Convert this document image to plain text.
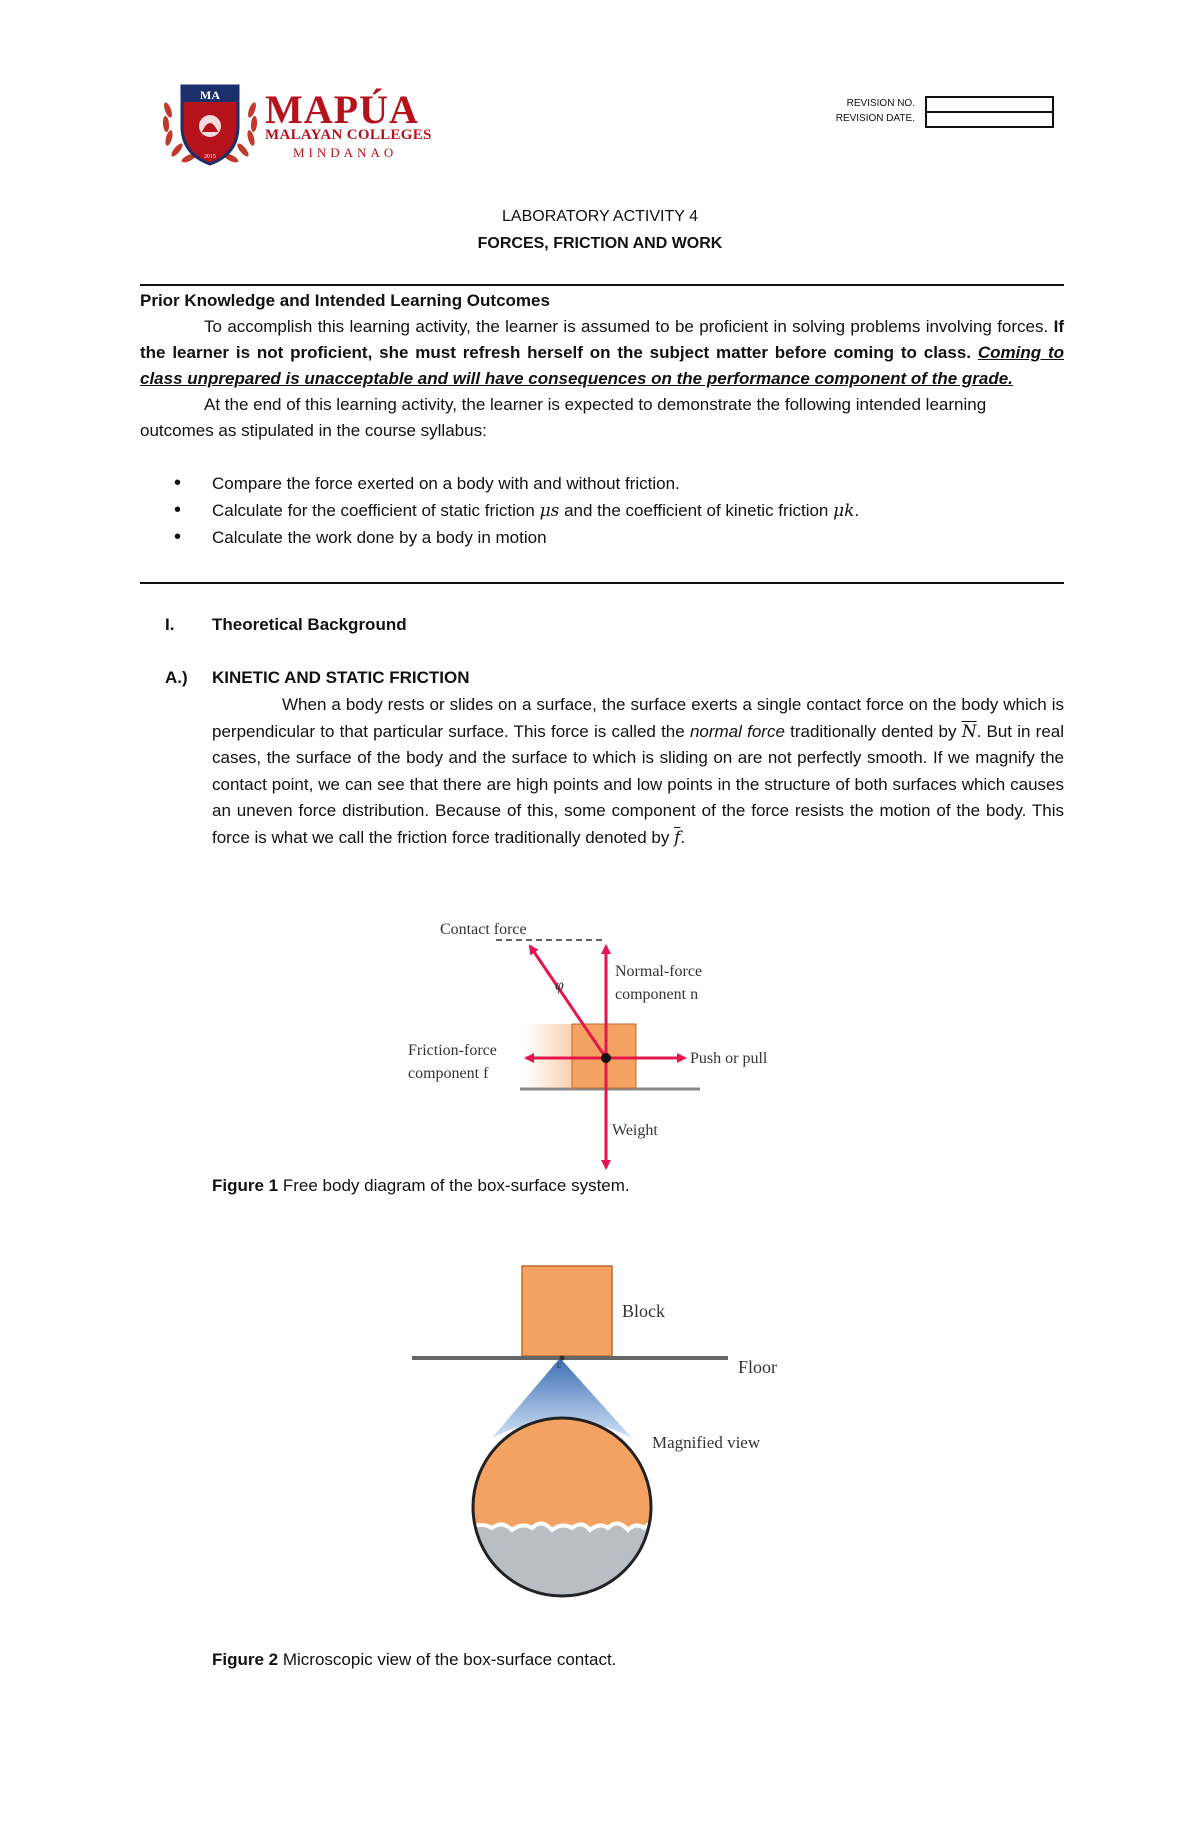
MA
2015
MAPÚA
MALAYAN COLLEGES
MINDANAO
REVISION NO.
REVISION DATE.
LABORATORY ACTIVITY 4
FORCES, FRICTION AND WORK

Prior Knowledge and Intended Learning Outcomes

To accomplish this learning activity, the learner is assumed to be proficient in solving problems involving forces. If the learner is not proficient, she must refresh herself on the subject matter before coming to class. Coming to class unprepared is unacceptable and will have consequences on the performance component of the grade.

At the end of this learning activity, the learner is expected to demonstrate the following intended learning outcomes as stipulated in the course syllabus:

• Compare the force exerted on a body with and without friction.
• Calculate for the coefficient of static friction μs and the coefficient of kinetic friction μk.
• Calculate the work done by a body in motion
I. Theoretical Background
A.) KINETIC AND STATIC FRICTION

When a body rests or slides on a surface, the surface exerts a single contact force on the body which is perpendicular to that particular surface. This force is called the normal force traditionally dented by $\overline{N}$. But in real cases, the surface of the body and the surface to which is sliding on are not perfectly smooth. If we magnify the contact point, we can see that there are high points and low points in the structure of both surfaces which causes an uneven force distribution. Because of this, some component of the force resists the motion of the body. This force is what we call the friction force traditionally denoted by $\overline{f}$.

Contact force
φ
Normal-force
component n
Friction-force
component f
Push or pull
Weight
Figure 1 Free body diagram of the box-surface system.
c
Block
Floor
Magnified view
Figure 2 Microscopic view of the box-surface contact.
